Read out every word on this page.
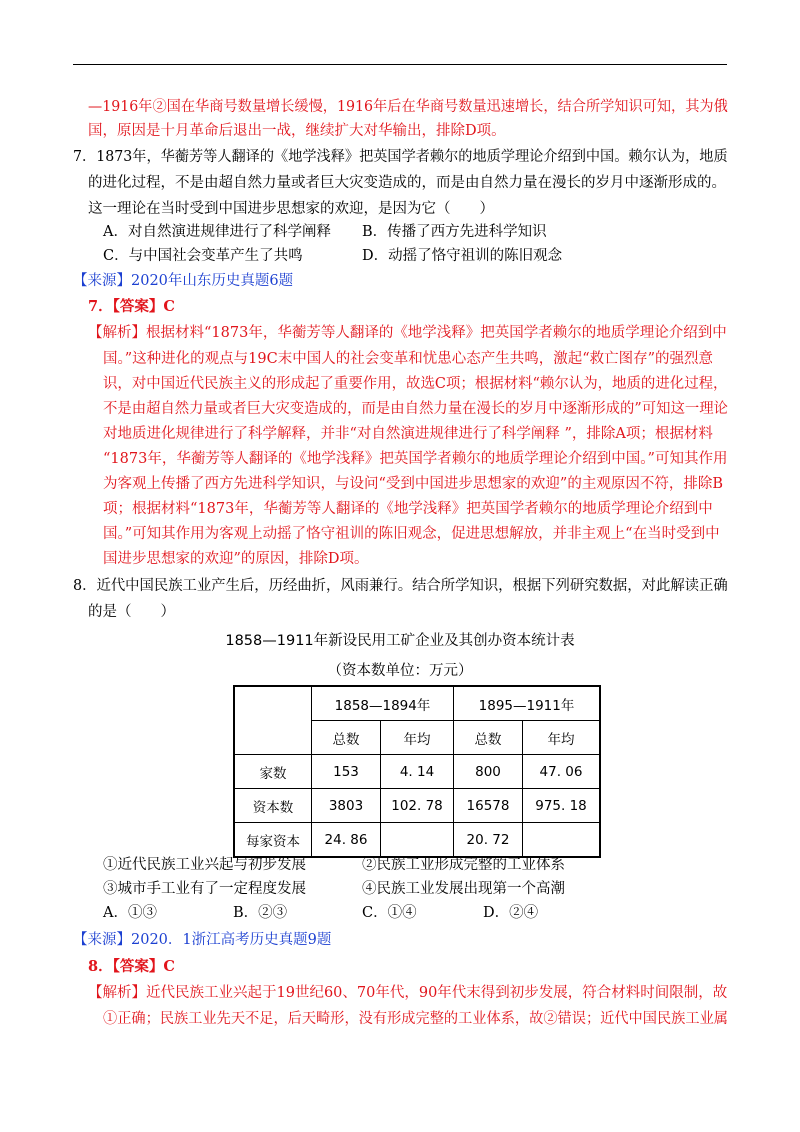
—1916年②国在华商号数量增长缓慢，1916年后在华商号数量迅速增长，结合所学知识可知，其为俄
国，原因是十月革命后退出一战，继续扩大对华输出，排除D项。
7．1873年，华蘅芳等人翻译的《地学浅释》把英国学者赖尔的地质学理论介绍到中国。赖尔认为，地质
的进化过程，不是由超自然力量或者巨大灾变造成的，而是由自然力量在漫长的岁月中逐渐形成的。
这一理论在当时受到中国进步思想家的欢迎，是因为它（　　）
A．对自然演进规律进行了科学阐释 B．传播了西方先进科学知识
C．与中国社会变革产生了共鸣	D．动摇了恪守祖训的陈旧观念
【来源】2020年山东历史真题6题
7．【答案】C
【解析】根据材料“1873年，华蘅芳等人翻译的《地学浅释》把英国学者赖尔的地质学理论介绍到中
国。”这种进化的观点与19C末中国人的社会变革和忧患心态产生共鸣，激起“救亡图存”的强烈意
识，对中国近代民族主义的形成起了重要作用，故选C项；根据材料“赖尔认为，地质的进化过程，
不是由超自然力量或者巨大灾变造成的，而是由自然力量在漫长的岁月中逐渐形成的”可知这一理论
对地质进化规律进行了科学解释，并非“对自然演进规律进行了科学阐释 ”，排除A项；根据材料
“1873年，华蘅芳等人翻译的《地学浅释》把英国学者赖尔的地质学理论介绍到中国。”可知其作用
为客观上传播了西方先进科学知识，与设问“受到中国进步思想家的欢迎”的主观原因不符，排除B
项；根据材料“1873年，华蘅芳等人翻译的《地学浅释》把英国学者赖尔的地质学理论介绍到中
国。”可知其作用为客观上动摇了恪守祖训的陈旧观念，促进思想解放，并非主观上“在当时受到中
国进步思想家的欢迎”的原因，排除D项。
8．近代中国民族工业产生后，历经曲折，风雨兼行。结合所学知识，根据下列研究数据，对此解读正确
的是（　　）
1858—1911年新设民用工矿企业及其创办资本统计表
（资本数单位：万元）
	1858—1894年		1895—1911年	
	总数	年均	总数	年均
家数	153	4. 14	800	47. 06
资本数	3803	102. 78	16578	975. 18
每家资本	24. 86		20. 72	
①近代民族工业兴起与初步发展	②民族工业形成完整的工业体系
③城市手工业有了一定程度发展	④民族工业发展出现第一个高潮
A．①③	B．②③	C．①④	D．②④
【来源】2020．1浙江高考历史真题9题
8．【答案】C
【解析】近代民族工业兴起于19世纪60、70年代，90年代末得到初步发展，符合材料时间限制，故
①正确；民族工业先天不足，后天畸形，没有形成完整的工业体系，故②错误；近代中国民族工业属
